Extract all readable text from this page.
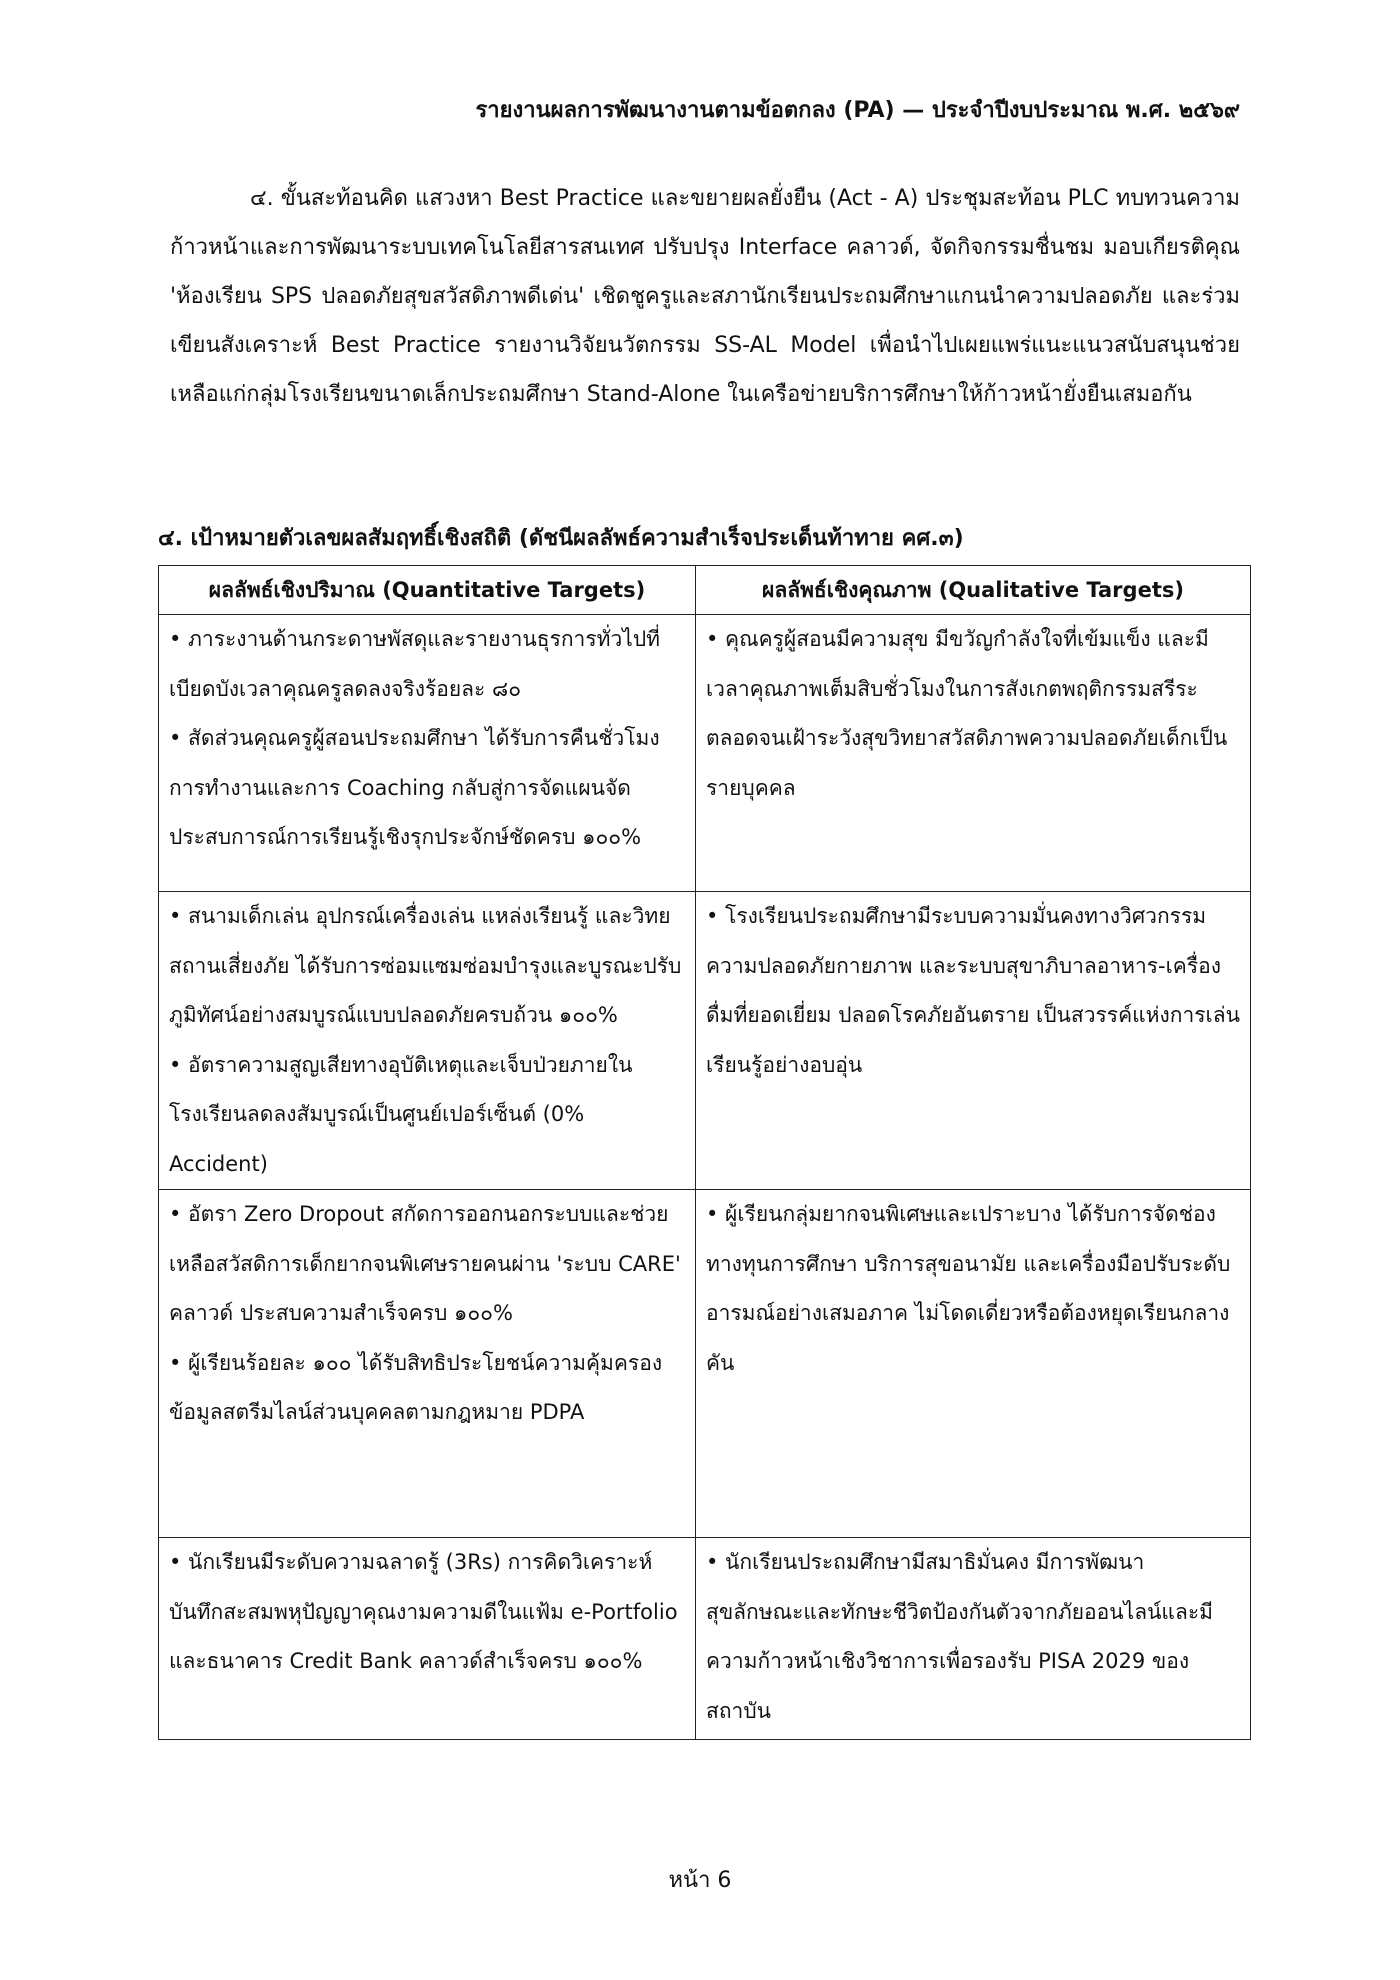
รายงานผลการพัฒนางานตามข้อตกลง (PA) — ประจำปีงบประมาณ พ.ศ. ๒๕๖๙
๔. ขั้นสะท้อนคิด แสวงหา Best Practice และขยายผลยั่งยืน (Act - A) ประชุมสะท้อน PLC ทบทวนความก้าวหน้าและการพัฒนาระบบเทคโนโลยีสารสนเทศ ปรับปรุง Interface คลาวด์, จัดกิจกรรมชื่นชม มอบเกียรติคุณ 'ห้องเรียน SPS ปลอดภัยสุขสวัสดิภาพดีเด่น' เชิดชูครูและสภานักเรียนประถมศึกษาแกนนำความปลอดภัย และร่วมเขียนสังเคราะห์ Best Practice รายงานวิจัยนวัตกรรม SS-AL Model เพื่อนำไปเผยแพร่แนะแนวสนับสนุนช่วยเหลือแก่กลุ่มโรงเรียนขนาดเล็กประถมศึกษา Stand-Alone ในเครือข่ายบริการศึกษาให้ก้าวหน้ายั่งยืนเสมอกัน
๔. เป้าหมายตัวเลขผลสัมฤทธิ์เชิงสถิติ (ดัชนีผลลัพธ์ความสำเร็จประเด็นท้าทาย คศ.๓)
ผลลัพธ์เชิงปริมาณ (Quantitative Targets)	ผลลัพธ์เชิงคุณภาพ (Qualitative Targets)

• ภาระงานด้านกระดาษพัสดุและรายงานธุรการทั่วไปที่เบียดบังเวลาคุณครูลดลงจริงร้อยละ ๘๐
• สัดส่วนคุณครูผู้สอนประถมศึกษา ได้รับการคืนชั่วโมงการทำงานและการ Coaching กลับสู่การจัดแผนจัดประสบการณ์การเรียนรู้เชิงรุกประจักษ์ชัดครบ ๑๐๐%	• คุณครูผู้สอนมีความสุข มีขวัญกำลังใจที่เข้มแข็ง และมีเวลาคุณภาพเต็มสิบชั่วโมงในการสังเกตพฤติกรรมสรีระ ตลอดจนเฝ้าระวังสุขวิทยาสวัสดิภาพความปลอดภัยเด็กเป็นรายบุคคล

• สนามเด็กเล่น อุปกรณ์เครื่องเล่น แหล่งเรียนรู้ และวิทยสถานเสี่ยงภัย ได้รับการซ่อมแซมซ่อมบำรุงและบูรณะปรับภูมิทัศน์อย่างสมบูรณ์แบบปลอดภัยครบถ้วน ๑๐๐%
• อัตราความสูญเสียทางอุบัติเหตุและเจ็บป่วยภายในโรงเรียนลดลงสัมบูรณ์เป็นศูนย์เปอร์เซ็นต์ (0% Accident)	• โรงเรียนประถมศึกษามีระบบความมั่นคงทางวิศวกรรมความปลอดภัยกายภาพ และระบบสุขาภิบาลอาหาร-เครื่องดื่มที่ยอดเยี่ยม ปลอดโรคภัยอันตราย เป็นสวรรค์แห่งการเล่นเรียนรู้อย่างอบอุ่น

• อัตรา Zero Dropout สกัดการออกนอกระบบและช่วยเหลือสวัสดิการเด็กยากจนพิเศษรายคนผ่าน 'ระบบ CARE' คลาวด์ ประสบความสำเร็จครบ ๑๐๐%
• ผู้เรียนร้อยละ ๑๐๐ ได้รับสิทธิประโยชน์ความคุ้มครองข้อมูลสตรีมไลน์ส่วนบุคคลตามกฎหมาย PDPA	• ผู้เรียนกลุ่มยากจนพิเศษและเปราะบาง ได้รับการจัดช่องทางทุนการศึกษา บริการสุขอนามัย และเครื่องมือปรับระดับอารมณ์อย่างเสมอภาค ไม่โดดเดี่ยวหรือต้องหยุดเรียนกลางคัน

• นักเรียนมีระดับความฉลาดรู้ (3Rs) การคิดวิเคราะห์ บันทึกสะสมพหุปัญญาคุณงามความดีในแฟ้ม e-Portfolio และธนาคาร Credit Bank คลาวด์สำเร็จครบ ๑๐๐%	• นักเรียนประถมศึกษามีสมาธิมั่นคง มีการพัฒนาสุขลักษณะและทักษะชีวิตป้องกันตัวจากภัยออนไลน์และมีความก้าวหน้าเชิงวิชาการเพื่อรองรับ PISA 2029 ของสถาบัน
หน้า 6
